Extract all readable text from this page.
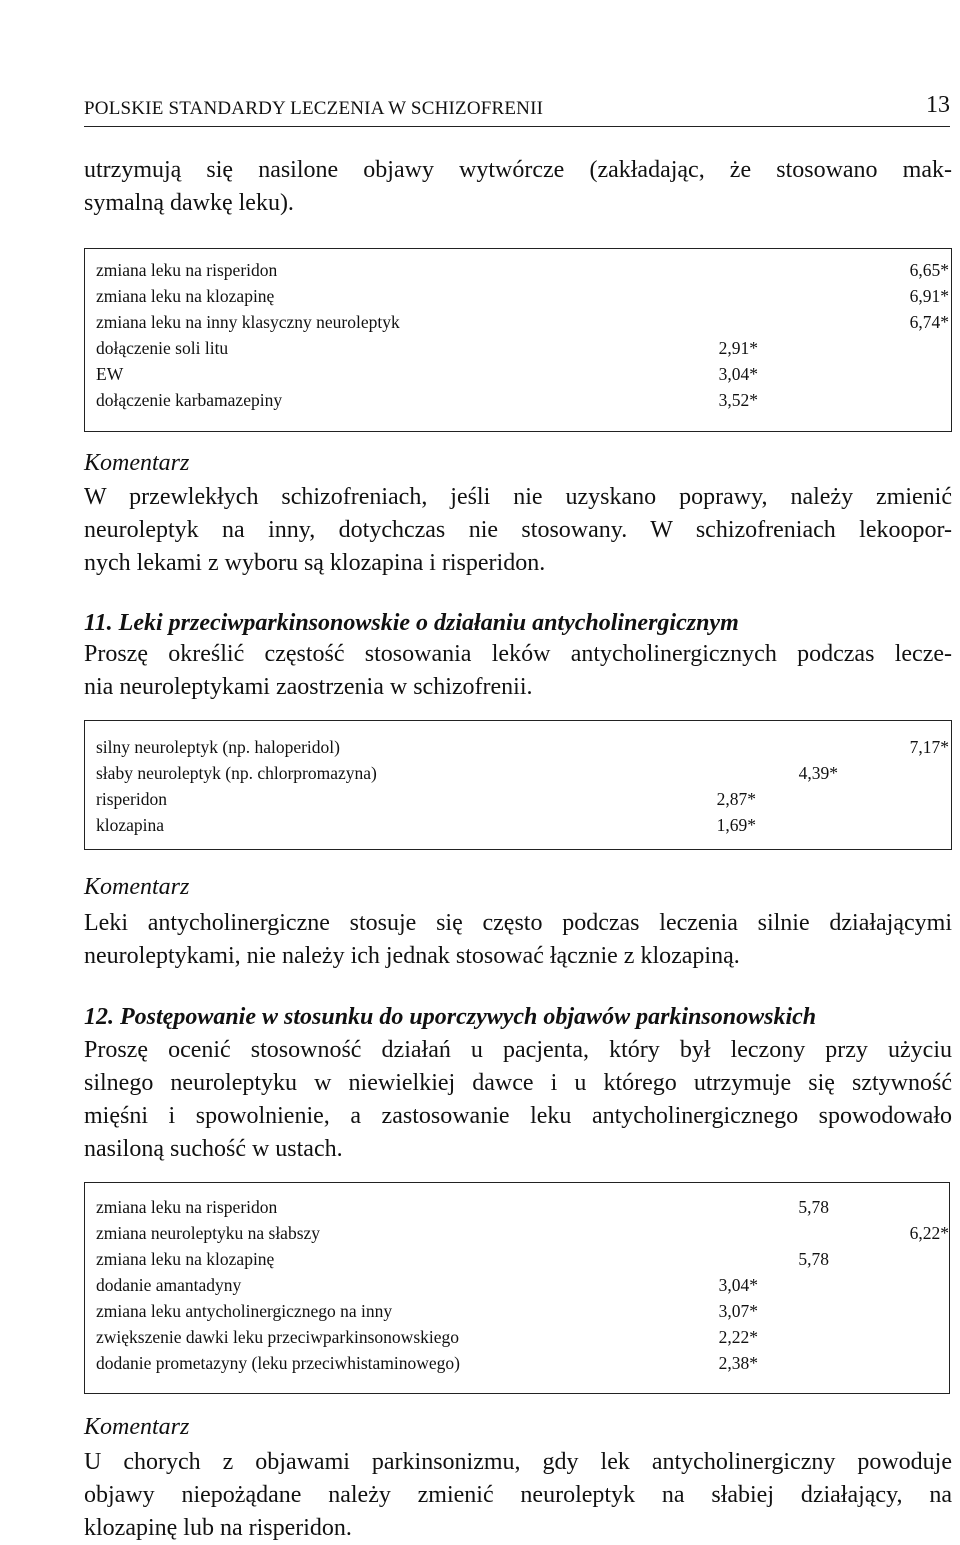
POLSKIE STANDARDY LECZENIA W SCHIZOFRENII	13
utrzymują się nasilone objawy wytwórcze (zakładając, że stosowano mak-
symalną dawkę leku).
zmiana leku na risperidon	6,65*
zmiana leku na klozapinę	6,91*
zmiana leku na inny klasyczny neuroleptyk	6,74*
dołączenie soli litu	2,91*
EW	3,04*
dołączenie karbamazepiny	3,52*
Komentarz
W przewlekłych schizofreniach, jeśli nie uzyskano poprawy, należy zmienić
neuroleptyk na inny, dotychczas nie stosowany. W schizofreniach lekoopor-
nych lekami z wyboru są klozapina i risperidon.
11. Leki przeciwparkinsonowskie o działaniu antycholinergicznym
Proszę określić częstość stosowania leków antycholinergicznych podczas lecze-
nia neuroleptykami zaostrzenia w schizofrenii.
silny neuroleptyk (np. haloperidol)	7,17*
słaby neuroleptyk (np. chlorpromazyna)	4,39*
risperidon	2,87*
klozapina	1,69*
Komentarz
Leki antycholinergiczne stosuje się często podczas leczenia silnie działającymi
neuroleptykami, nie należy ich jednak stosować łącznie z klozapiną.
12. Postępowanie w stosunku do uporczywych objawów parkinsonowskich
Proszę ocenić stosowność działań u pacjenta, który był leczony przy użyciu
silnego neuroleptyku w niewielkiej dawce i u którego utrzymuje się sztywność
mięśni i spowolnienie, a zastosowanie leku antycholinergicznego spowodowało
nasiloną suchość w ustach.
zmiana leku na risperidon	5,78
zmiana neuroleptyku na słabszy	6,22*
zmiana leku na klozapinę	5,78
dodanie amantadyny	3,04*
zmiana leku antycholinergicznego na inny	3,07*
zwiększenie dawki leku przeciwparkinsonowskiego	2,22*
dodanie prometazyny (leku przeciwhistaminowego)	2,38*
Komentarz
U chorych z objawami parkinsonizmu, gdy lek antycholinergiczny powoduje
objawy niepożądane należy zmienić neuroleptyk na słabiej działający, na
klozapinę lub na risperidon.
